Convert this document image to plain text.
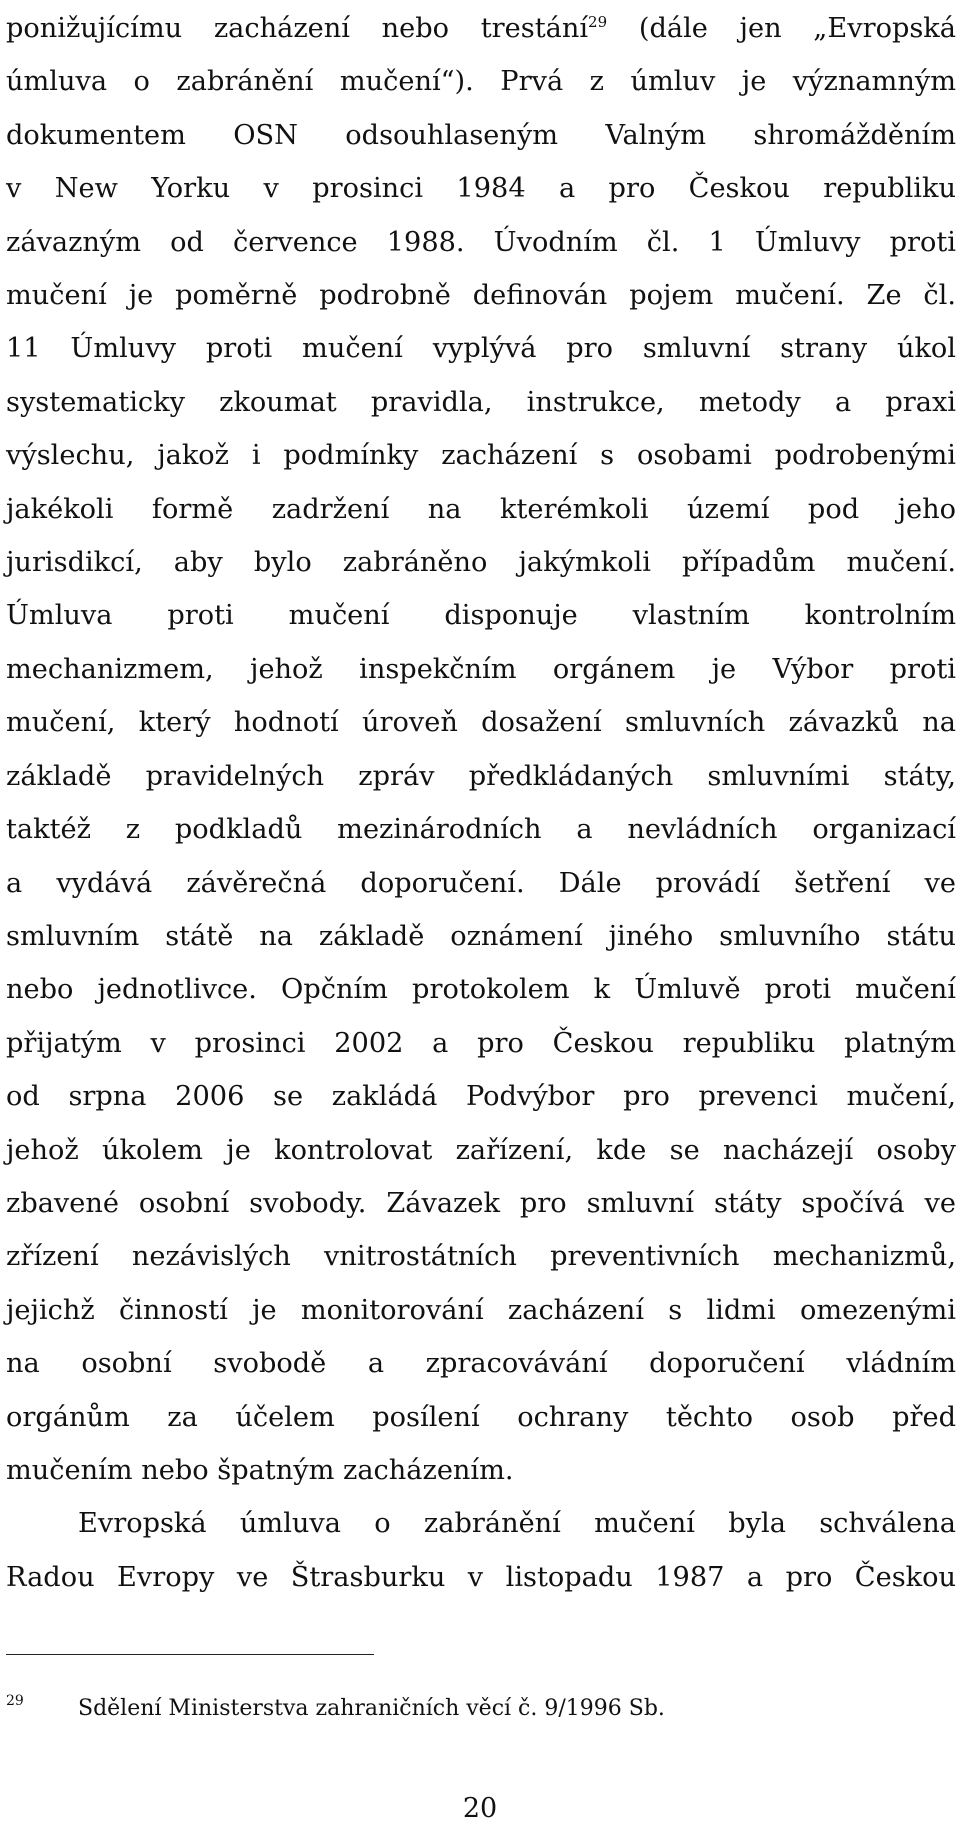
ponižujícímu zacházení nebo trestání$^{29}$ (dále jen „Evropská
úmluva o zabránění mučení“). Prvá z úmluv je významným
dokumentem OSN odsouhlaseným Valným shromážděním
v New Yorku v prosinci 1984 a pro Českou republiku
závazným od července 1988. Úvodním čl. 1 Úmluvy proti
mučení je poměrně podrobně definován pojem mučení. Ze čl.
11 Úmluvy proti mučení vyplývá pro smluvní strany úkol
systematicky zkoumat pravidla, instrukce, metody a praxi
výslechu, jakož i podmínky zacházení s osobami podrobenými
jakékoli formě zadržení na kterémkoli území pod jeho
jurisdikcí, aby bylo zabráněno jakýmkoli případům mučení.
Úmluva proti mučení disponuje vlastním kontrolním
mechanizmem, jehož inspekčním orgánem je Výbor proti
mučení, který hodnotí úroveň dosažení smluvních závazků na
základě pravidelných zpráv předkládaných smluvními státy,
taktéž z podkladů mezinárodních a nevládních organizací
a vydává závěrečná doporučení. Dále provádí šetření ve
smluvním státě na základě oznámení jiného smluvního státu
nebo jednotlivce. Opčním protokolem k Úmluvě proti mučení
přijatým v prosinci 2002 a pro Českou republiku platným
od srpna 2006 se zakládá Podvýbor pro prevenci mučení,
jehož úkolem je kontrolovat zařízení, kde se nacházejí osoby
zbavené osobní svobody. Závazek pro smluvní státy spočívá ve
zřízení nezávislých vnitrostátních preventivních mechanizmů,
jejichž činností je monitorování zacházení s lidmi omezenými
na osobní svobodě a zpracovávání doporučení vládním
orgánům za účelem posílení ochrany těchto osob před
mučením nebo špatným zacházením.

Evropská úmluva o zabránění mučení byla schválena
Radou Evropy ve Štrasburku v listopadu 1987 a pro Českou

29 Sdělení Ministerstva zahraničních věcí č. 9/1996 Sb.
20
